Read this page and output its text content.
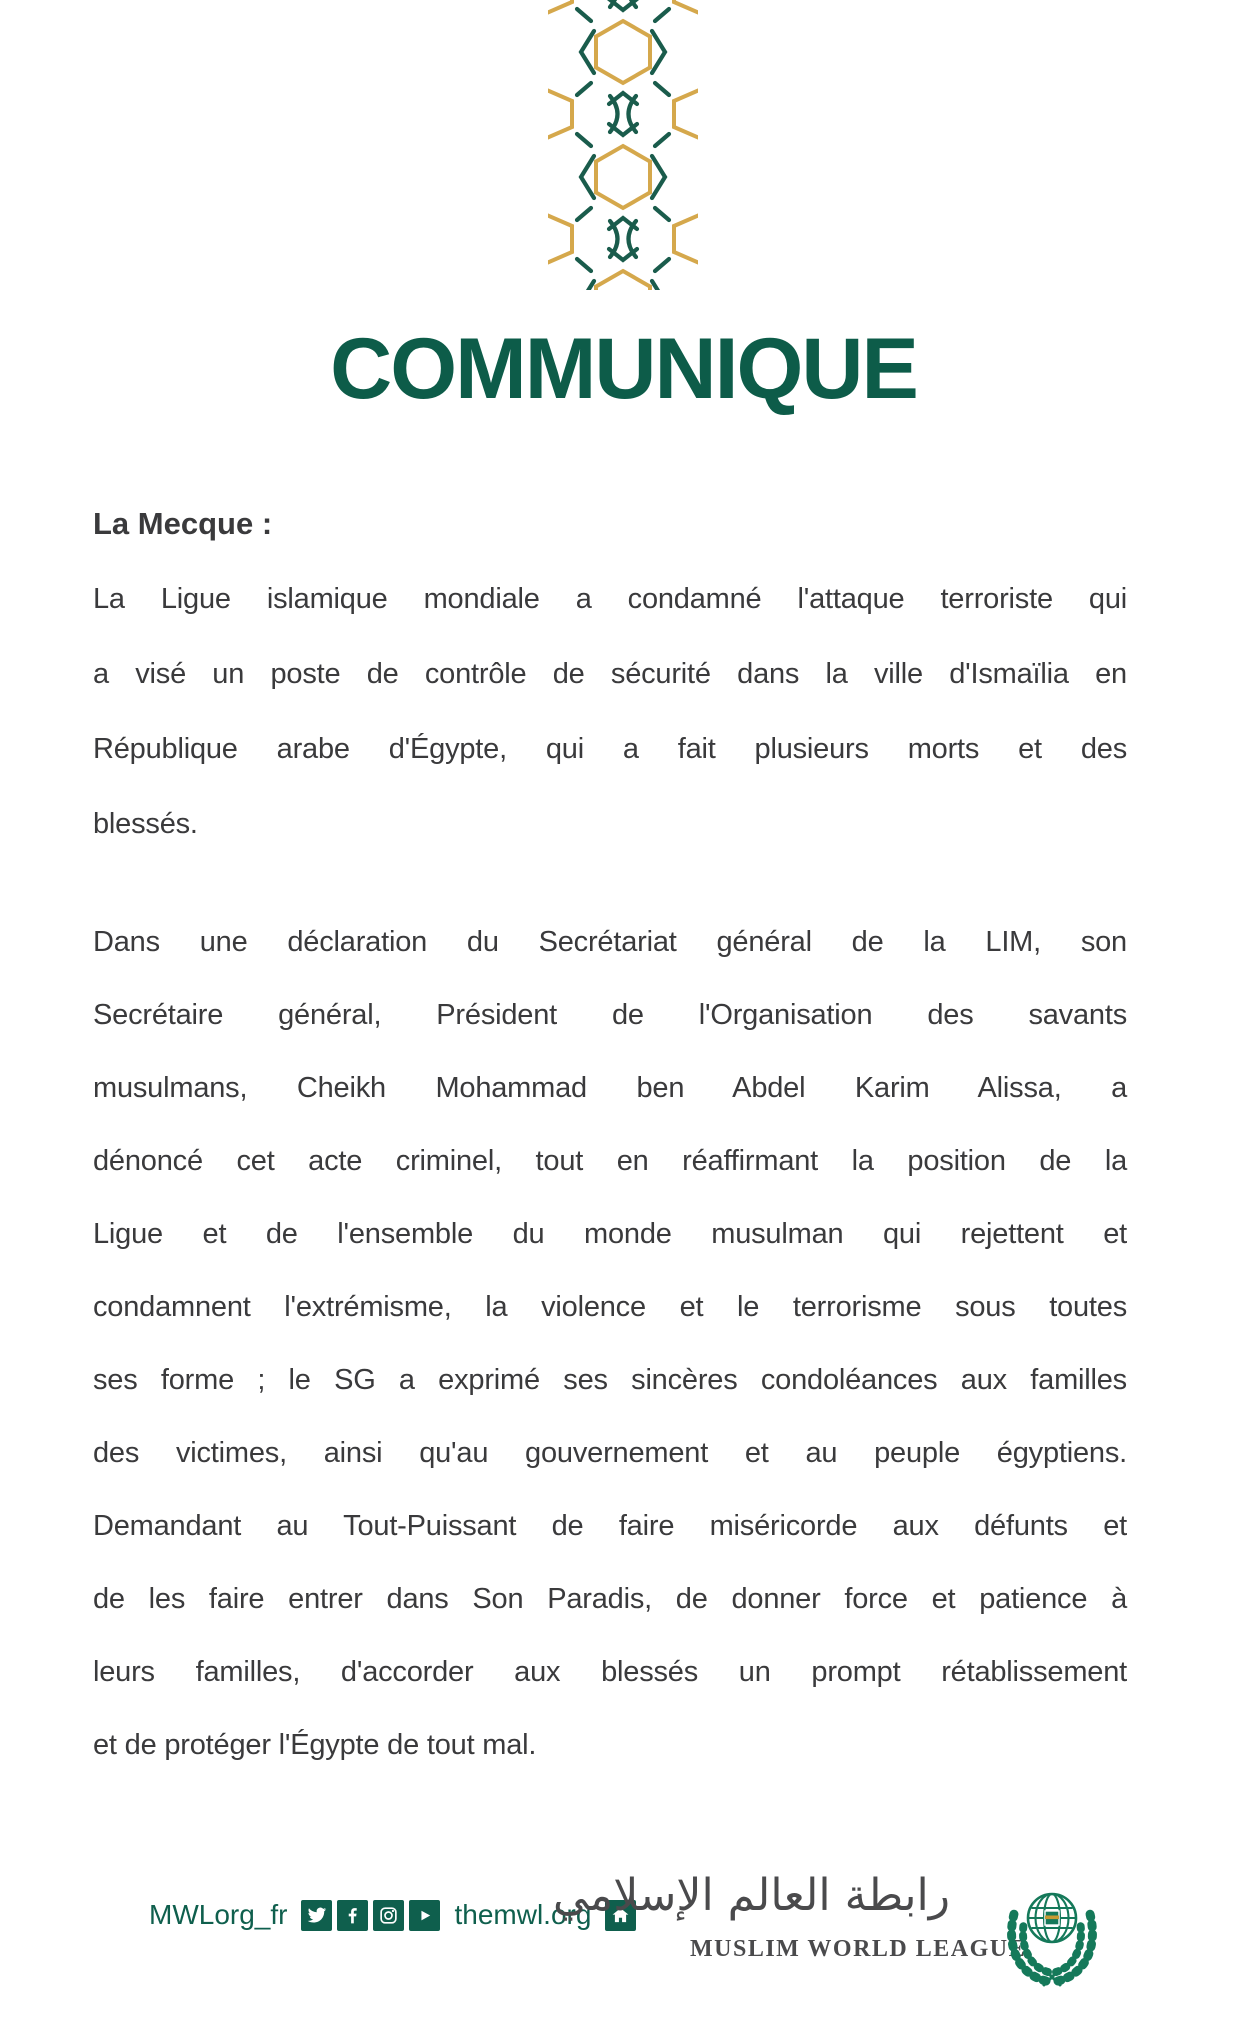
COMMUNIQUE
La Mecque :
La Ligue islamique mondiale a condamné l'attaque terroriste qui
a visé un poste de contrôle de sécurité dans la ville d'Ismaïlia en
République arabe d'Égypte, qui a fait plusieurs morts et des
blessés.
Dans une déclaration du Secrétariat général de la LIM, son
Secrétaire général, Président de l'Organisation des savants
musulmans, Cheikh Mohammad ben Abdel Karim Alissa, a
dénoncé cet acte criminel, tout en réaffirmant la position de la
Ligue et de l'ensemble du monde musulman qui rejettent et
condamnent l'extrémisme, la violence et le terrorisme sous toutes
ses forme ; le SG a exprimé ses sincères condoléances aux familles
des victimes, ainsi qu'au gouvernement et au peuple égyptiens.
Demandant au Tout-Puissant de faire miséricorde aux défunts et
de les faire entrer dans Son Paradis, de donner force et patience à
leurs familles, d'accorder aux blessés un prompt rétablissement
et de protéger l'Égypte de tout mal.
MWLorg_fr	themwl.org
رابطة العالم الإسلامي
MUSLIM WORLD LEAGUE
